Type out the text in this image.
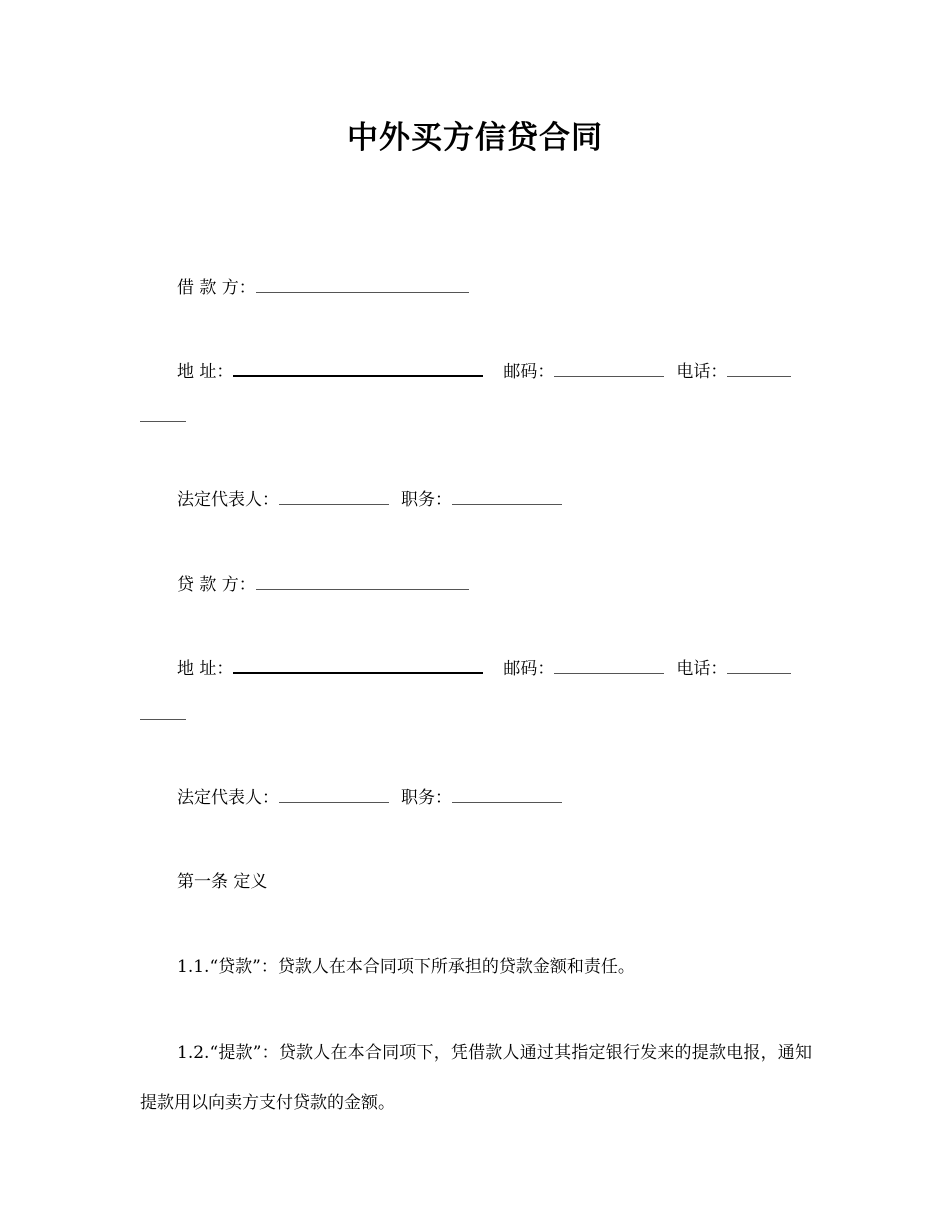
中外买方信贷合同
借 款 方：
地 址：	邮码：	电话：
法定代表人：	职务：
贷 款 方：
地 址：	邮码：	电话：
法定代表人：	职务：
第一条 定义
1.1.“贷款”：贷款人在本合同项下所承担的贷款金额和责任。
1.2.“提款”：贷款人在本合同项下，凭借款人通过其指定银行发来的提款电报，通知提款用以向卖方支付贷款的金额。
